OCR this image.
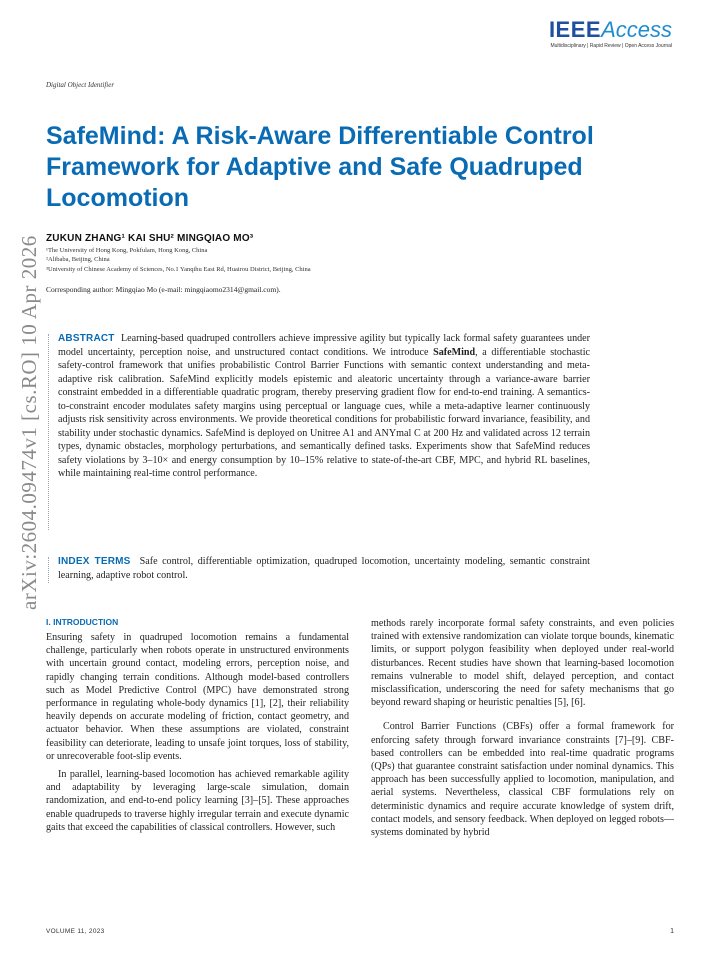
IEEEAccess
Multidisciplinary | Rapid Review | Open Access Journal
Digital Object Identifier
SafeMind: A Risk-Aware Differentiable Control Framework for Adaptive and Safe Quadruped Locomotion
ZUKUN ZHANG¹ KAI SHU² MINGQIAO MO³
¹The University of Hong Kong, Pokfulam, Hong Kong, China
²Alibaba, Beijing, China
³University of Chinese Academy of Sciences, No.1 Yanqihu East Rd, Huairou District, Beijing, China
Corresponding author: Mingqiao Mo (e-mail: mingqiaomo2314@gmail.com).
arXiv:2604.09474v1 [cs.RO] 10 Apr 2026 ABSTRACT Learning-based quadruped controllers achieve impressive agility but typically lack formal safety guarantees under model uncertainty, perception noise, and unstructured contact conditions. We introduce SafeMind, a differentiable stochastic safety-control framework that unifies probabilistic Control Barrier Functions with semantic context understanding and meta-adaptive risk calibration. SafeMind explicitly models epistemic and aleatoric uncertainty through a variance-aware barrier constraint embedded in a differentiable quadratic program, thereby preserving gradient flow for end-to-end training. A semantics-to-constraint encoder modulates safety margins using perceptual or language cues, while a meta-adaptive learner continuously adjusts risk sensitivity across environments. We provide theoretical conditions for probabilistic forward invariance, feasibility, and stability under stochastic dynamics. SafeMind is deployed on Unitree A1 and ANYmal C at 200 Hz and validated across 12 terrain types, dynamic obstacles, morphology perturbations, and semantically defined tasks. Experiments show that SafeMind reduces safety violations by 3–10× and energy consumption by 10–15% relative to state-of-the-art CBF, MPC, and hybrid RL baselines, while maintaining real-time control performance.

INDEX TERMS Safe control, differentiable optimization, quadruped locomotion, uncertainty modeling, semantic constraint learning, adaptive robot control.

I. INTRODUCTION

Ensuring safety in quadruped locomotion remains a fundamental challenge, particularly when robots operate in unstructured environments with uncertain ground contact, modeling errors, perception noise, and rapidly changing terrain conditions. Although model-based controllers such as Model Predictive Control (MPC) have demonstrated strong performance in regulating whole-body dynamics [1], [2], their reliability heavily depends on accurate modeling of friction, contact geometry, and actuator behavior. When these assumptions are violated, constraint feasibility can deteriorate, leading to unsafe joint torques, loss of stability, or unrecoverable foot-slip events.

In parallel, learning-based locomotion has achieved remarkable agility and adaptability by leveraging large-scale simulation, domain randomization, and end-to-end policy learning [3]–[5]. These approaches enable quadrupeds to traverse highly irregular terrain and execute dynamic gaits that exceed the capabilities of classical controllers. However, such

methods rarely incorporate formal safety constraints, and even policies trained with extensive randomization can violate torque bounds, kinematic limits, or support polygon feasibility when deployed under real-world disturbances. Recent studies have shown that learning-based locomotion remains vulnerable to model shift, delayed perception, and contact misclassification, underscoring the need for safety mechanisms that go beyond reward shaping or heuristic penalties [5], [6].

Control Barrier Functions (CBFs) offer a formal framework for enforcing safety through forward invariance constraints [7]–[9]. CBF-based controllers can be embedded into real-time quadratic programs (QPs) that guarantee constraint satisfaction under nominal dynamics. This approach has been successfully applied to locomotion, manipulation, and aerial systems. Nevertheless, classical CBF formulations rely on deterministic dynamics and require accurate knowledge of system drift, contact models, and sensory feedback. When deployed on legged robots—systems dominated by hybrid

VOLUME 11, 2023	1
